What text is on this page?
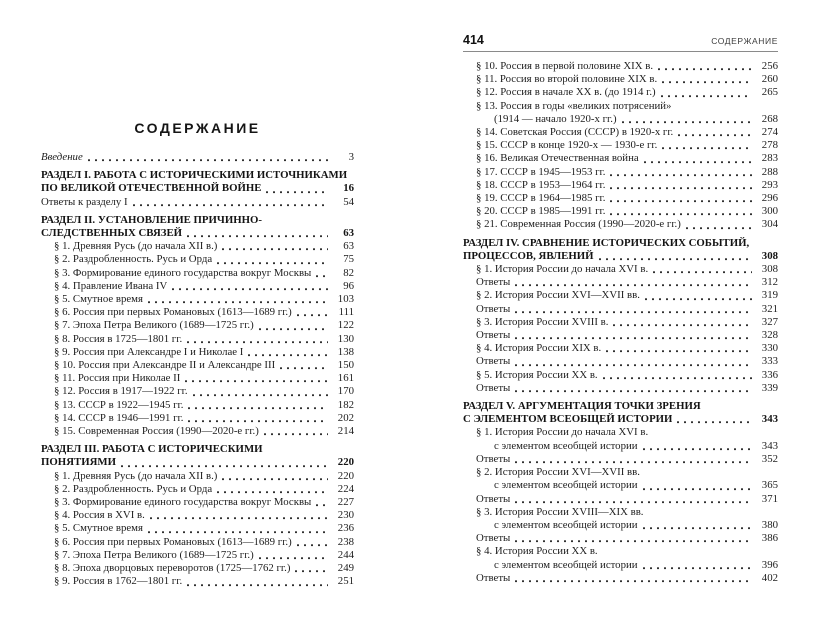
СОДЕРЖАНИЕ
Введение	3
РАЗДЕЛ I. РАБОТА С ИСТОРИЧЕСКИМИ ИСТОЧНИКАМИ
ПО ВЕЛИКОЙ ОТЕЧЕСТВЕННОЙ ВОЙНЕ	16
Ответы к разделу I	54
РАЗДЕЛ II. УСТАНОВЛЕНИЕ ПРИЧИННО-
СЛЕДСТВЕННЫХ СВЯЗЕЙ	63
§ 1. Древняя Русь (до начала XII в.)	63
§ 2. Раздробленность. Русь и Орда	75
§ 3. Формирование единого государства вокруг Москвы	82
§ 4. Правление Ивана IV	96
§ 5. Смутное время	103
§ 6. Россия при первых Романовых (1613—1689 гг.)	111
§ 7. Эпоха Петра Великого (1689—1725 гг.)	122
§ 8. Россия в 1725—1801 гг.	130
§ 9. Россия при Александре I и Николае I	138
§ 10. Россия при Александре II и Александре III	150
§ 11. Россия при Николае II	161
§ 12. Россия в 1917—1922 гг.	170
§ 13. СССР в 1922—1945 гг.	182
§ 14. СССР в 1946—1991 гг.	202
§ 15. Современная Россия (1990—2020-е гг.)	214
РАЗДЕЛ III. РАБОТА С ИСТОРИЧЕСКИМИ
ПОНЯТИЯМИ	220
§ 1. Древняя Русь (до начала XII в.)	220
§ 2. Раздробленность. Русь и Орда	224
§ 3. Формирование единого государства вокруг Москвы	227
§ 4. Россия в XVI в.	230
§ 5. Смутное время	236
§ 6. Россия при первых Романовых (1613—1689 гг.)	238
§ 7. Эпоха Петра Великого (1689—1725 гг.)	244
§ 8. Эпоха дворцовых переворотов (1725—1762 гг.)	249
§ 9. Россия в 1762—1801 гг.	251
414	СОДЕРЖАНИЕ
§ 10. Россия в первой половине XIX в.	256
§ 11. Россия во второй половине XIX в.	260
§ 12. Россия в начале XX в. (до 1914 г.)	265
§ 13. Россия в годы «великих потрясений»
(1914 — начало 1920-х гг.)	268
§ 14. Советская Россия (СССР) в 1920-х гг.	274
§ 15. СССР в конце 1920-х — 1930-е гг.	278
§ 16. Великая Отечественная война	283
§ 17. СССР в 1945—1953 гг.	288
§ 18. СССР в 1953—1964 гг.	293
§ 19. СССР в 1964—1985 гг.	296
§ 20. СССР в 1985—1991 гг.	300
§ 21. Современная Россия (1990—2020-е гг.)	304
РАЗДЕЛ IV. СРАВНЕНИЕ ИСТОРИЧЕСКИХ СОБЫТИЙ,
ПРОЦЕССОВ, ЯВЛЕНИЙ	308
§ 1. История России до начала XVI в.	308
Ответы	312
§ 2. История России XVI—XVII вв.	319
Ответы	321
§ 3. История России XVIII в.	327
Ответы	328
§ 4. История России XIX в.	330
Ответы	333
§ 5. История России XX в.	336
Ответы	339
РАЗДЕЛ V. АРГУМЕНТАЦИЯ ТОЧКИ ЗРЕНИЯ
С ЭЛЕМЕНТОМ ВСЕОБЩЕЙ ИСТОРИИ	343
§ 1. История России до начала XVI в.
с элементом всеобщей истории	343
Ответы	352
§ 2. История России XVI—XVII вв.
с элементом всеобщей истории	365
Ответы	371
§ 3. История России XVIII—XIX вв.
с элементом всеобщей истории	380
Ответы	386
§ 4. История России XX в.
с элементом всеобщей истории	396
Ответы	402
